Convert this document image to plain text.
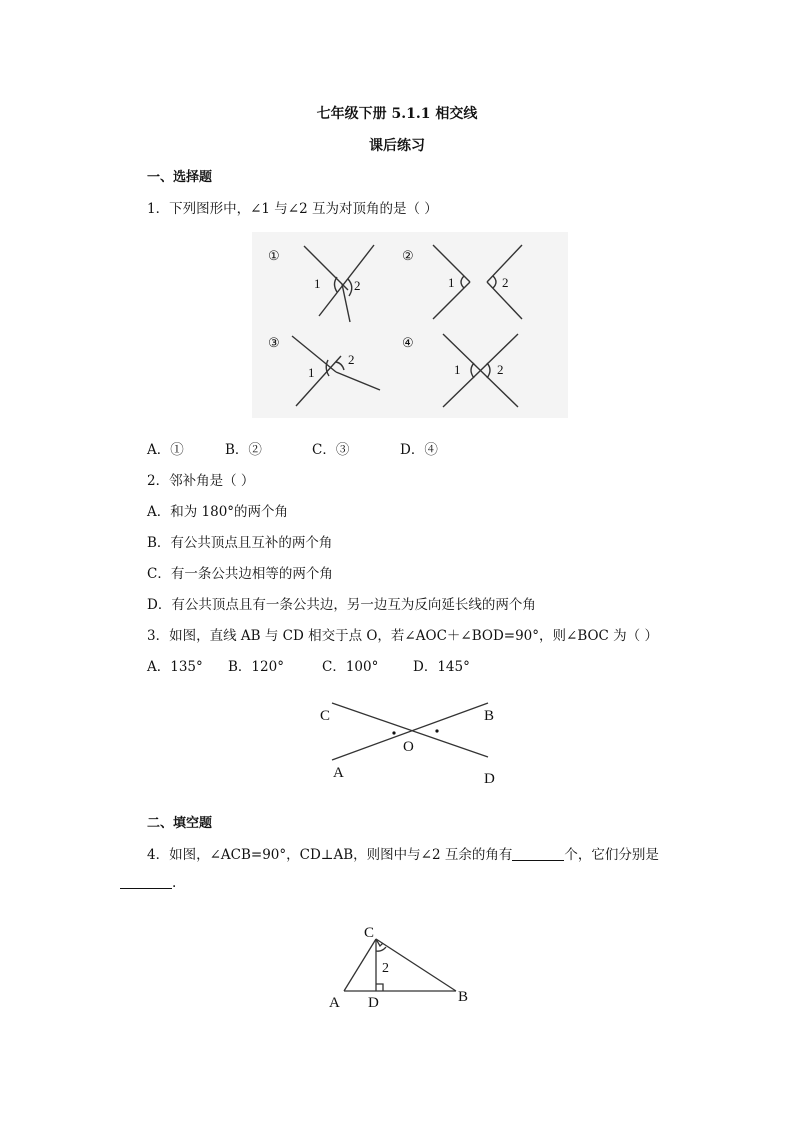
七年级下册 5.1.1 相交线
课后练习
一、选择题
1．下列图形中，∠1 与∠2 互为对顶角的是（ ）
①
1	2
②
1	2
③
1
2
④
1	2
A．①	B．②	C．③	D．④
2．邻补角是（ ）
A．和为 180°的两个角
B．有公共顶点且互补的两个角
C．有一条公共边相等的两个角
D．有公共顶点且有一条公共边，另一边互为反向延长线的两个角
3．如图，直线 AB 与 CD 相交于点 O，若∠AOC＋∠BOD=90°，则∠BOC 为（ ）
A．135° B．120°	C．100°	D．145°
C	B
O
A	D
二、填空题
4．如图，∠ACB=90°，CD⊥AB，则图中与∠2 互余的角有	个，它们分别是
.
C
2
A D	B
